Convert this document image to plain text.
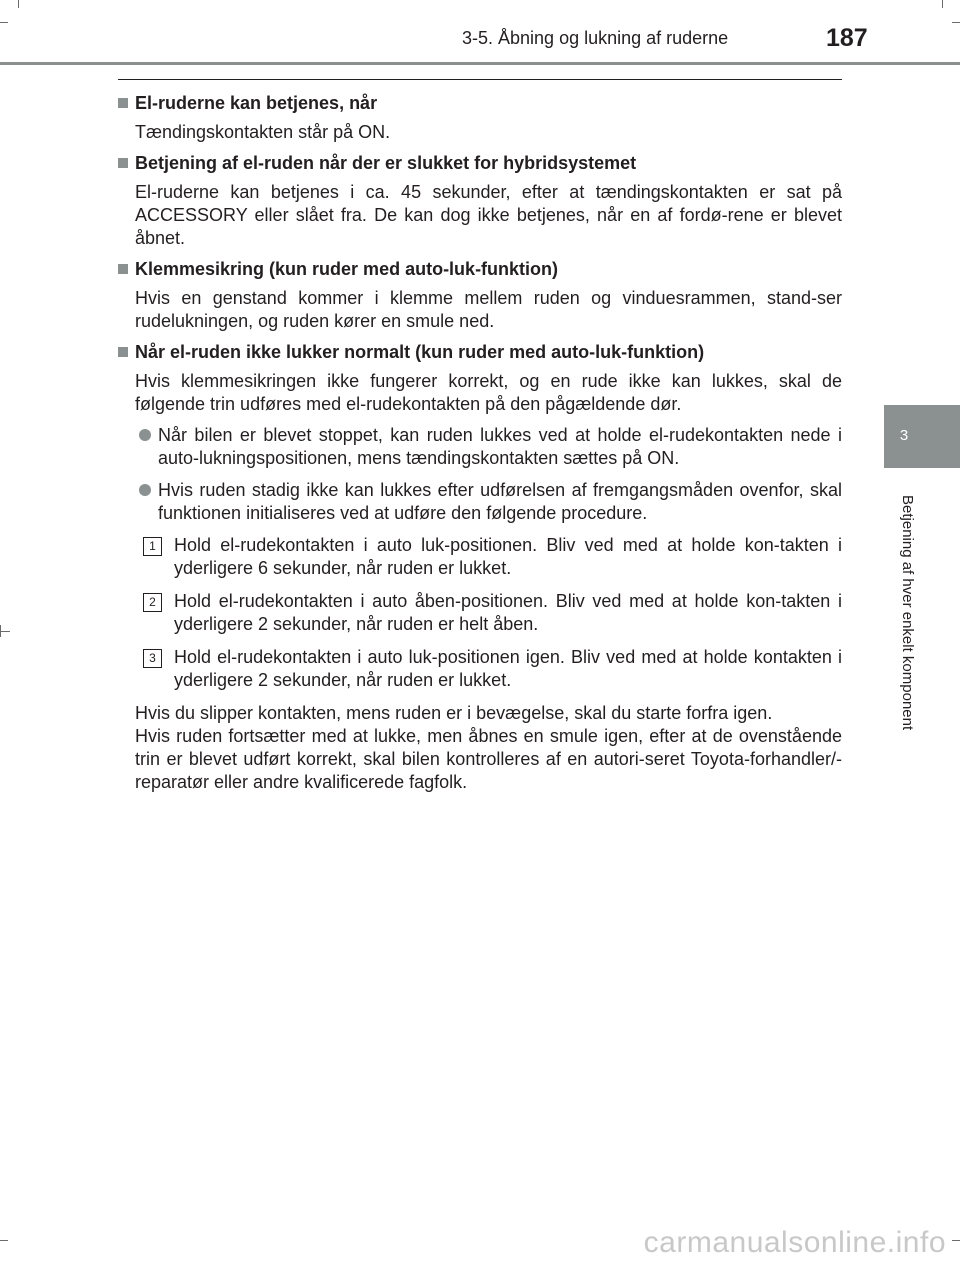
3-5. Åbning og lukning af ruderne	187
3
Betjening af hver enkelt komponent
El-ruderne kan betjenes, når
Tændingskontakten står på ON.
Betjening af el-ruden når der er slukket for hybridsystemet
El-ruderne kan betjenes i ca. 45 sekunder, efter at tændingskontakten er sat på ACCESSORY eller slået fra. De kan dog ikke betjenes, når en af fordø-rene er blevet åbnet.
Klemmesikring (kun ruder med auto-luk-funktion)
Hvis en genstand kommer i klemme mellem ruden og vinduesrammen, stand-ser rudelukningen, og ruden kører en smule ned.
Når el-ruden ikke lukker normalt (kun ruder med auto-luk-funktion)
Hvis klemmesikringen ikke fungerer korrekt, og en rude ikke kan lukkes, skal de følgende trin udføres med el-rudekontakten på den pågældende dør.
Når bilen er blevet stoppet, kan ruden lukkes ved at holde el-rudekontakten nede i auto-lukningspositionen, mens tændingskontakten sættes på ON.
Hvis ruden stadig ikke kan lukkes efter udførelsen af fremgangsmåden ovenfor, skal funktionen initialiseres ved at udføre den følgende procedure.
1	Hold el-rudekontakten i auto luk-positionen. Bliv ved med at holde kon-takten i yderligere 6 sekunder, når ruden er lukket.
2	Hold el-rudekontakten i auto åben-positionen. Bliv ved med at holde kon-takten i yderligere 2 sekunder, når ruden er helt åben.
3	Hold el-rudekontakten i auto luk-positionen igen. Bliv ved med at holde kontakten i yderligere 2 sekunder, når ruden er lukket.
Hvis du slipper kontakten, mens ruden er i bevægelse, skal du starte forfra igen.
Hvis ruden fortsætter med at lukke, men åbnes en smule igen, efter at de ovenstående trin er blevet udført korrekt, skal bilen kontrolleres af en autori-seret Toyota-forhandler/-reparatør eller andre kvalificerede fagfolk.
carmanualsonline.info
